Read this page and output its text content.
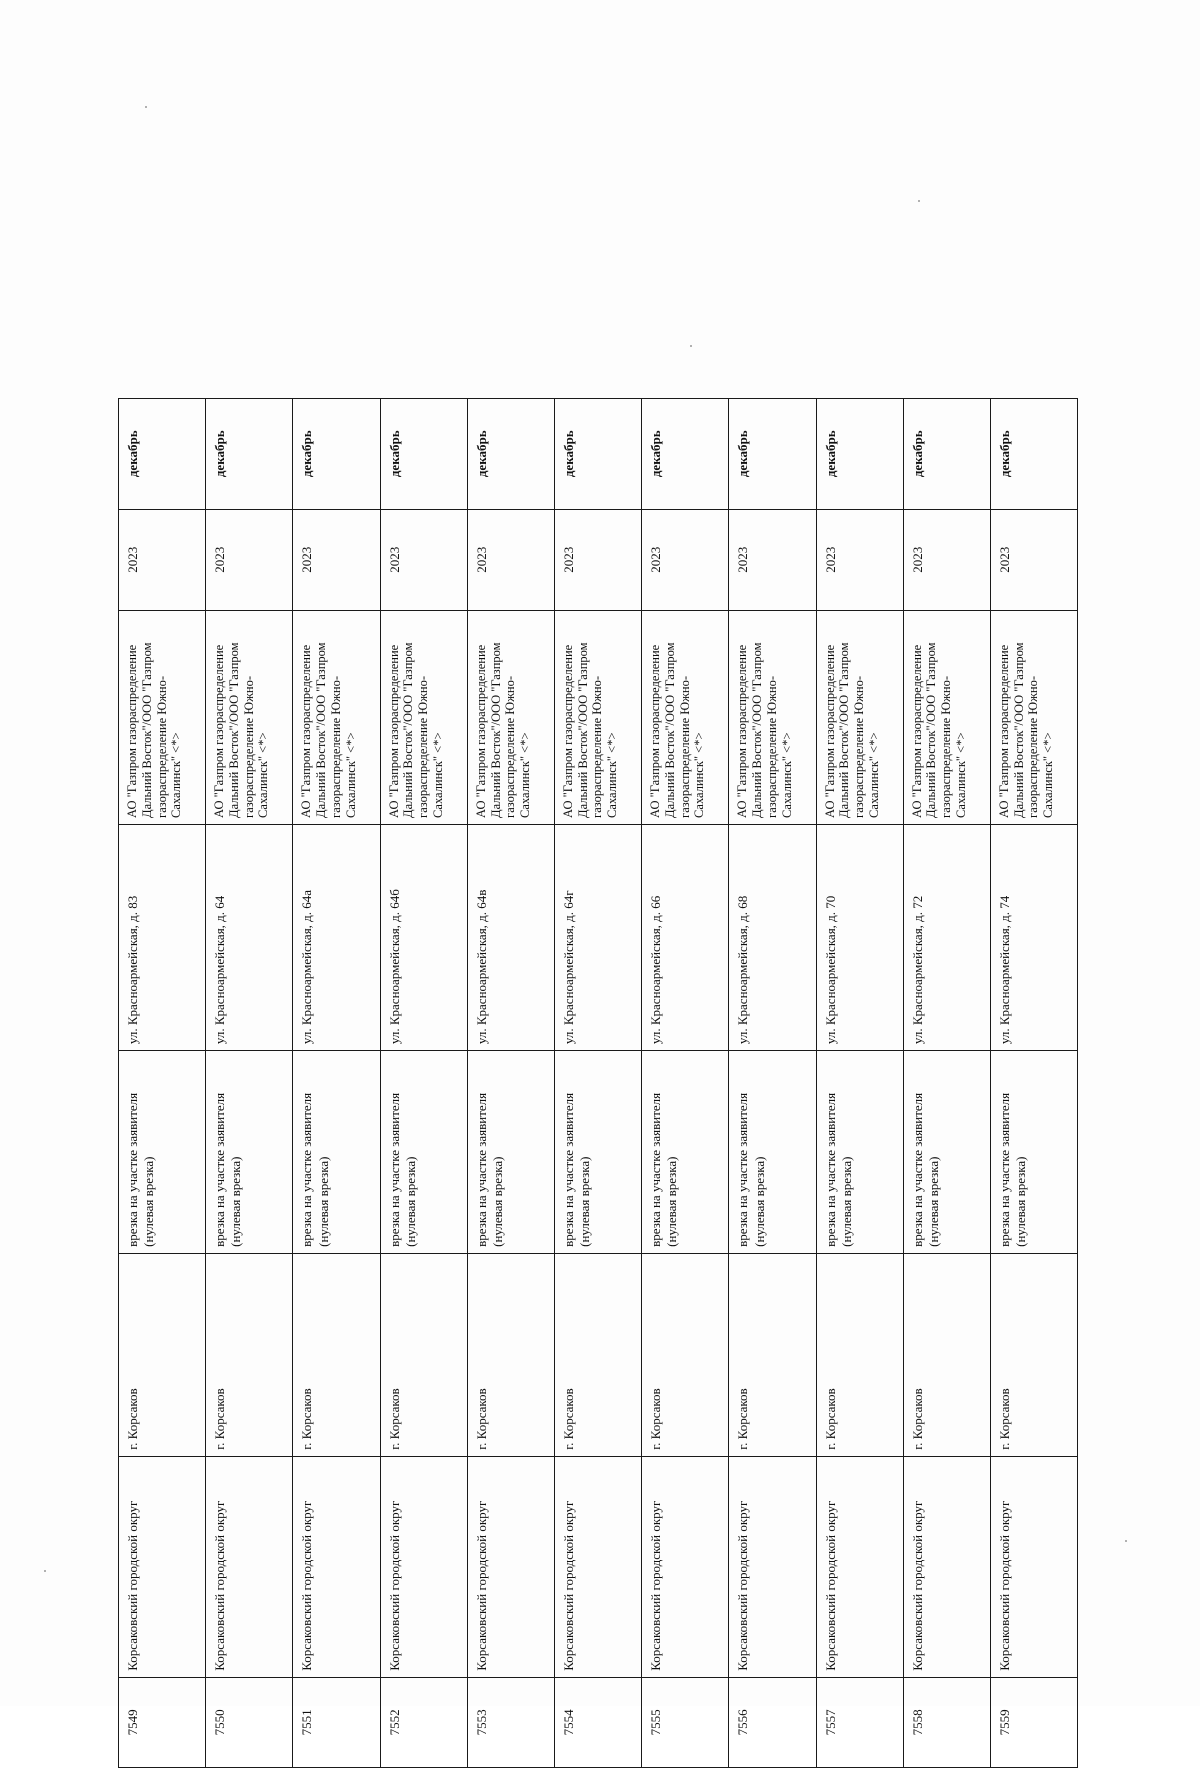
7549	Корсаковский городской округ	г. Корсаков	врезка на участке заявителя (нулевая врезка)	ул. Красноармейская, д. 83	АО "Газпром газораспределение Дальний Восток"/ООО "Газпром газораспределение Южно-Сахалинск" <*>	2023	декабрь
7550	Корсаковский городской округ	г. Корсаков	врезка на участке заявителя (нулевая врезка)	ул. Красноармейская, д. 64	АО "Газпром газораспределение Дальний Восток"/ООО "Газпром газораспределение Южно-Сахалинск" <*>	2023	декабрь
7551	Корсаковский городской округ	г. Корсаков	врезка на участке заявителя (нулевая врезка)	ул. Красноармейская, д. 64а	АО "Газпром газораспределение Дальний Восток"/ООО "Газпром газораспределение Южно-Сахалинск" <*>	2023	декабрь
7552	Корсаковский городской округ	г. Корсаков	врезка на участке заявителя (нулевая врезка)	ул. Красноармейская, д. 64б	АО "Газпром газораспределение Дальний Восток"/ООО "Газпром газораспределение Южно-Сахалинск" <*>	2023	декабрь
7553	Корсаковский городской округ	г. Корсаков	врезка на участке заявителя (нулевая врезка)	ул. Красноармейская, д. 64в	АО "Газпром газораспределение Дальний Восток"/ООО "Газпром газораспределение Южно-Сахалинск" <*>	2023	декабрь
7554	Корсаковский городской округ	г. Корсаков	врезка на участке заявителя (нулевая врезка)	ул. Красноармейская, д. 64г	АО "Газпром газораспределение Дальний Восток"/ООО "Газпром газораспределение Южно-Сахалинск" <*>	2023	декабрь
7555	Корсаковский городской округ	г. Корсаков	врезка на участке заявителя (нулевая врезка)	ул. Красноармейская, д. 66	АО "Газпром газораспределение Дальний Восток"/ООО "Газпром газораспределение Южно-Сахалинск" <*>	2023	декабрь
7556	Корсаковский городской округ	г. Корсаков	врезка на участке заявителя (нулевая врезка)	ул. Красноармейская, д. 68	АО "Газпром газораспределение Дальний Восток"/ООО "Газпром газораспределение Южно-Сахалинск" <*>	2023	декабрь
7557	Корсаковский городской округ	г. Корсаков	врезка на участке заявителя (нулевая врезка)	ул. Красноармейская, д. 70	АО "Газпром газораспределение Дальний Восток"/ООО "Газпром газораспределение Южно-Сахалинск" <*>	2023	декабрь
7558	Корсаковский городской округ	г. Корсаков	врезка на участке заявителя (нулевая врезка)	ул. Красноармейская, д. 72	АО "Газпром газораспределение Дальний Восток"/ООО "Газпром газораспределение Южно-Сахалинск" <*>	2023	декабрь
7559	Корсаковский городской округ	г. Корсаков	врезка на участке заявителя (нулевая врезка)	ул. Красноармейская, д. 74	АО "Газпром газораспределение Дальний Восток"/ООО "Газпром газораспределение Южно-Сахалинск" <*>	2023	декабрь
